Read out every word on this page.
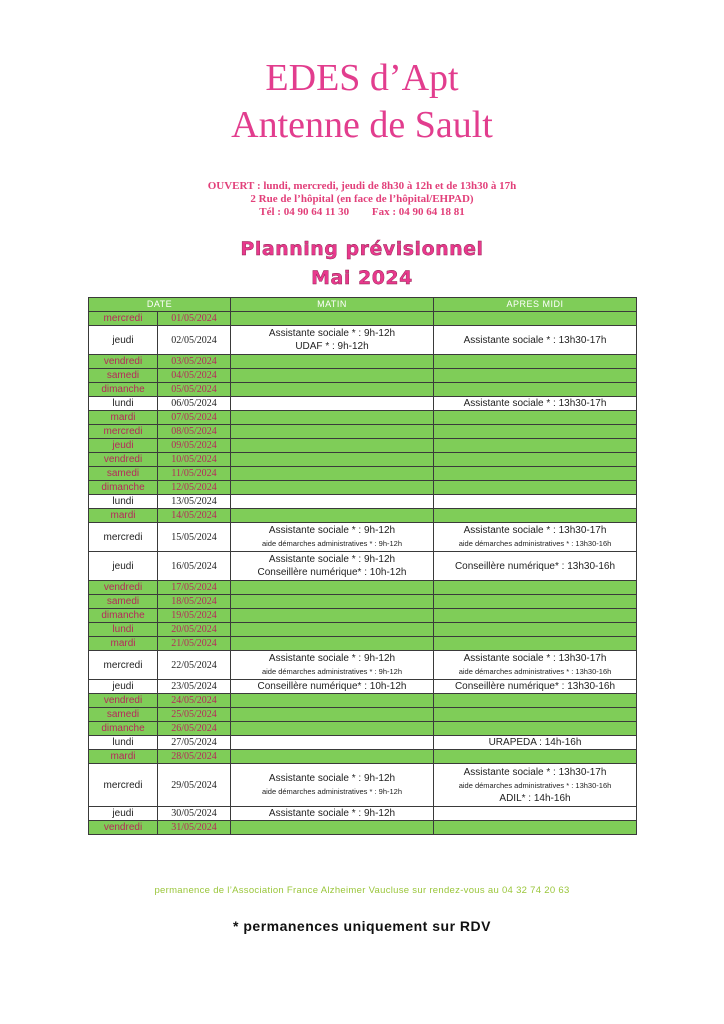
EDES d’Apt
Antenne de Sault
OUVERT : lundi, mercredi, jeudi de 8h30 à 12h et de 13h30 à 17h
2 Rue de l’hôpital (en face de l’hôpital/EHPAD)
Tél : 04 90 64 11 30 Fax : 04 90 64 18 81
Planning prévisionnel
Mai 2024
DATE		MATIN	APRES MIDI
mercredi	01/05/2024		
jeudi	02/05/2024	Assistante sociale * : 9h-12h
UDAF * : 9h-12h	Assistante sociale * : 13h30-17h

vendredi	03/05/2024		
samedi	04/05/2024		
dimanche	05/05/2024		
lundi	06/05/2024		Assistante sociale * : 13h30-17h

mardi	07/05/2024		
mercredi	08/05/2024		
jeudi	09/05/2024		
vendredi	10/05/2024		
samedi	11/05/2024		
dimanche	12/05/2024		
lundi	13/05/2024		
mardi	14/05/2024		
mercredi	15/05/2024	Assistante sociale * : 9h-12h
aide démarches administratives * : 9h-12h	Assistante sociale * : 13h30-17h
aide démarches administratives * : 13h30-16h

jeudi	16/05/2024	Assistante sociale * : 9h-12h
Conseillère numérique* : 10h-12h	Conseillère numérique* : 13h30-16h

vendredi	17/05/2024		
samedi	18/05/2024		
dimanche	19/05/2024		
lundi	20/05/2024		
mardi	21/05/2024		
mercredi	22/05/2024	Assistante sociale * : 9h-12h
aide démarches administratives * : 9h-12h	Assistante sociale * : 13h30-17h
aide démarches administratives * : 13h30-16h

jeudi	23/05/2024	Conseillère numérique* : 10h-12h	Conseillère numérique* : 13h30-16h

vendredi	24/05/2024		
samedi	25/05/2024		
dimanche	26/05/2024		
lundi	27/05/2024		URAPEDA : 14h-16h

mardi	28/05/2024		
mercredi	29/05/2024	Assistante sociale * : 9h-12h
aide démarches administratives * : 9h-12h	Assistante sociale * : 13h30-17h
aide démarches administratives * : 13h30-16h
ADIL* : 14h-16h

jeudi	30/05/2024	Assistante sociale * : 9h-12h	

vendredi	31/05/2024		
permanence de l’Association France Alzheimer Vaucluse sur rendez-vous au 04 32 74 20 63
* permanences uniquement sur RDV
